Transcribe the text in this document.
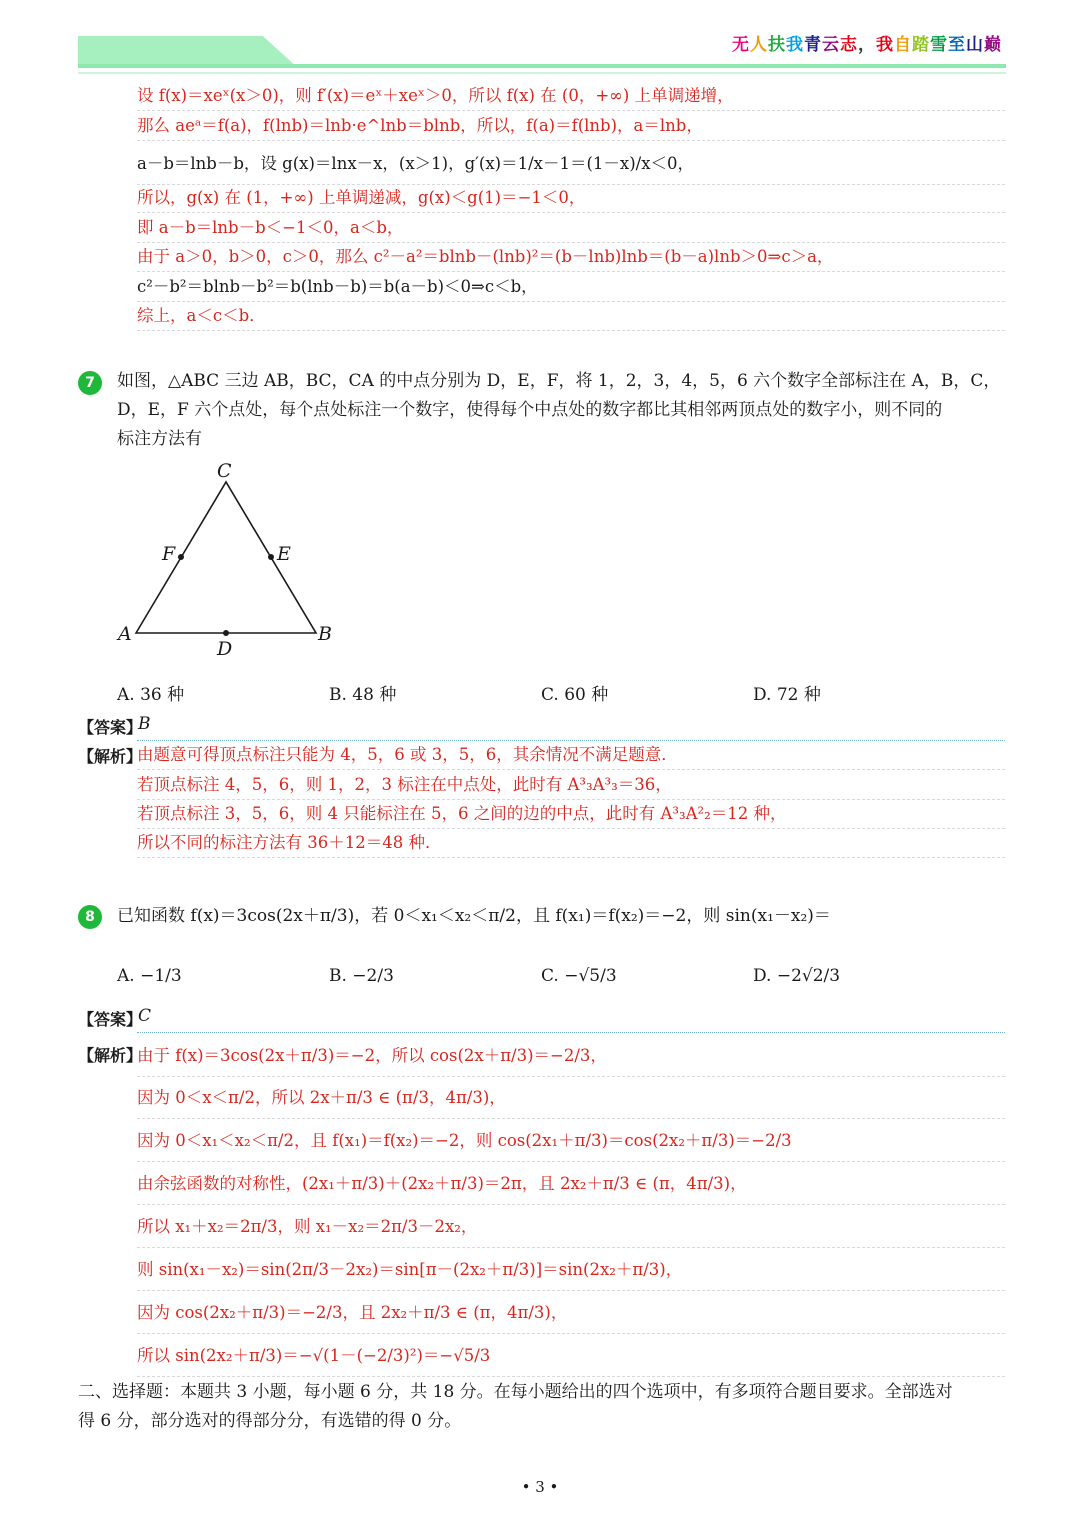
无人扶我青云志，我自踏雪至山巅
设 f(x)＝xeˣ(x＞0)，则 f′(x)＝eˣ＋xeˣ＞0，所以 f(x) 在 (0，+∞) 上单调递增，
那么 aeᵃ＝f(a)，f(lnb)＝lnb·e^lnb＝blnb，所以，f(a)＝f(lnb)，a＝lnb，
a－b＝lnb－b，设 g(x)＝lnx－x，(x＞1)，g′(x)＝1/x－1＝(1－x)/x＜0，
所以，g(x) 在 (1，+∞) 上单调递减，g(x)＜g(1)＝−1＜0，
即 a－b＝lnb－b＜−1＜0，a＜b，
由于 a＞0，b＞0，c＞0，那么 c²－a²＝blnb－(lnb)²＝(b－lnb)lnb＝(b－a)lnb＞0⇒c＞a，
c²－b²＝blnb－b²＝b(lnb－b)＝b(a－b)＜0⇒c＜b，
综上，a＜c＜b．
7	如图，△ABC 三边 AB，BC，CA 的中点分别为 D，E，F，将 1，2，3，4，5，6 六个数字全部标注在 A，B，C，
D，E，F 六个点处，每个点处标注一个数字，使得每个中点处的数字都比其相邻两顶点处的数字小，则不同的
标注方法有
C
A	B
D
E
F
A. 36 种	B. 48 种	C. 60 种	D. 72 种
【答案】
B
【解析】
由题意可得顶点标注只能为 4，5，6 或 3，5，6，其余情况不满足题意．
若顶点标注 4，5，6，则 1，2，3 标注在中点处，此时有 A³₃A³₃＝36，
若顶点标注 3，5，6，则 4 只能标注在 5，6 之间的边的中点，此时有 A³₃A²₂＝12 种，
所以不同的标注方法有 36＋12＝48 种．
8	已知函数 f(x)＝3cos(2x＋π/3)，若 0＜x₁＜x₂＜π/2，且 f(x₁)＝f(x₂)＝−2，则 sin(x₁－x₂)＝
A. −1/3	B. −2/3	C. −√5/3	D. −2√2/3
【答案】
C
【解析】
由于 f(x)＝3cos(2x＋π/3)＝−2，所以 cos(2x＋π/3)＝−2/3，
因为 0＜x＜π/2，所以 2x＋π/3 ∈ (π/3，4π/3)，
因为 0＜x₁＜x₂＜π/2，且 f(x₁)＝f(x₂)＝−2，则 cos(2x₁＋π/3)＝cos(2x₂＋π/3)＝−2/3
由余弦函数的对称性，(2x₁＋π/3)＋(2x₂＋π/3)＝2π，且 2x₂＋π/3 ∈ (π，4π/3)，
所以 x₁＋x₂＝2π/3，则 x₁－x₂＝2π/3－2x₂，
则 sin(x₁－x₂)＝sin(2π/3－2x₂)＝sin[π－(2x₂＋π/3)]＝sin(2x₂＋π/3)，
因为 cos(2x₂＋π/3)＝−2/3，且 2x₂＋π/3 ∈ (π，4π/3)，
所以 sin(2x₂＋π/3)＝−√(1－(−2/3)²)＝−√5/3
二、选择题：本题共 3 小题，每小题 6 分，共 18 分。在每小题给出的四个选项中，有多项符合题目要求。全部选对
得 6 分，部分选对的得部分分，有选错的得 0 分。
• 3 •
